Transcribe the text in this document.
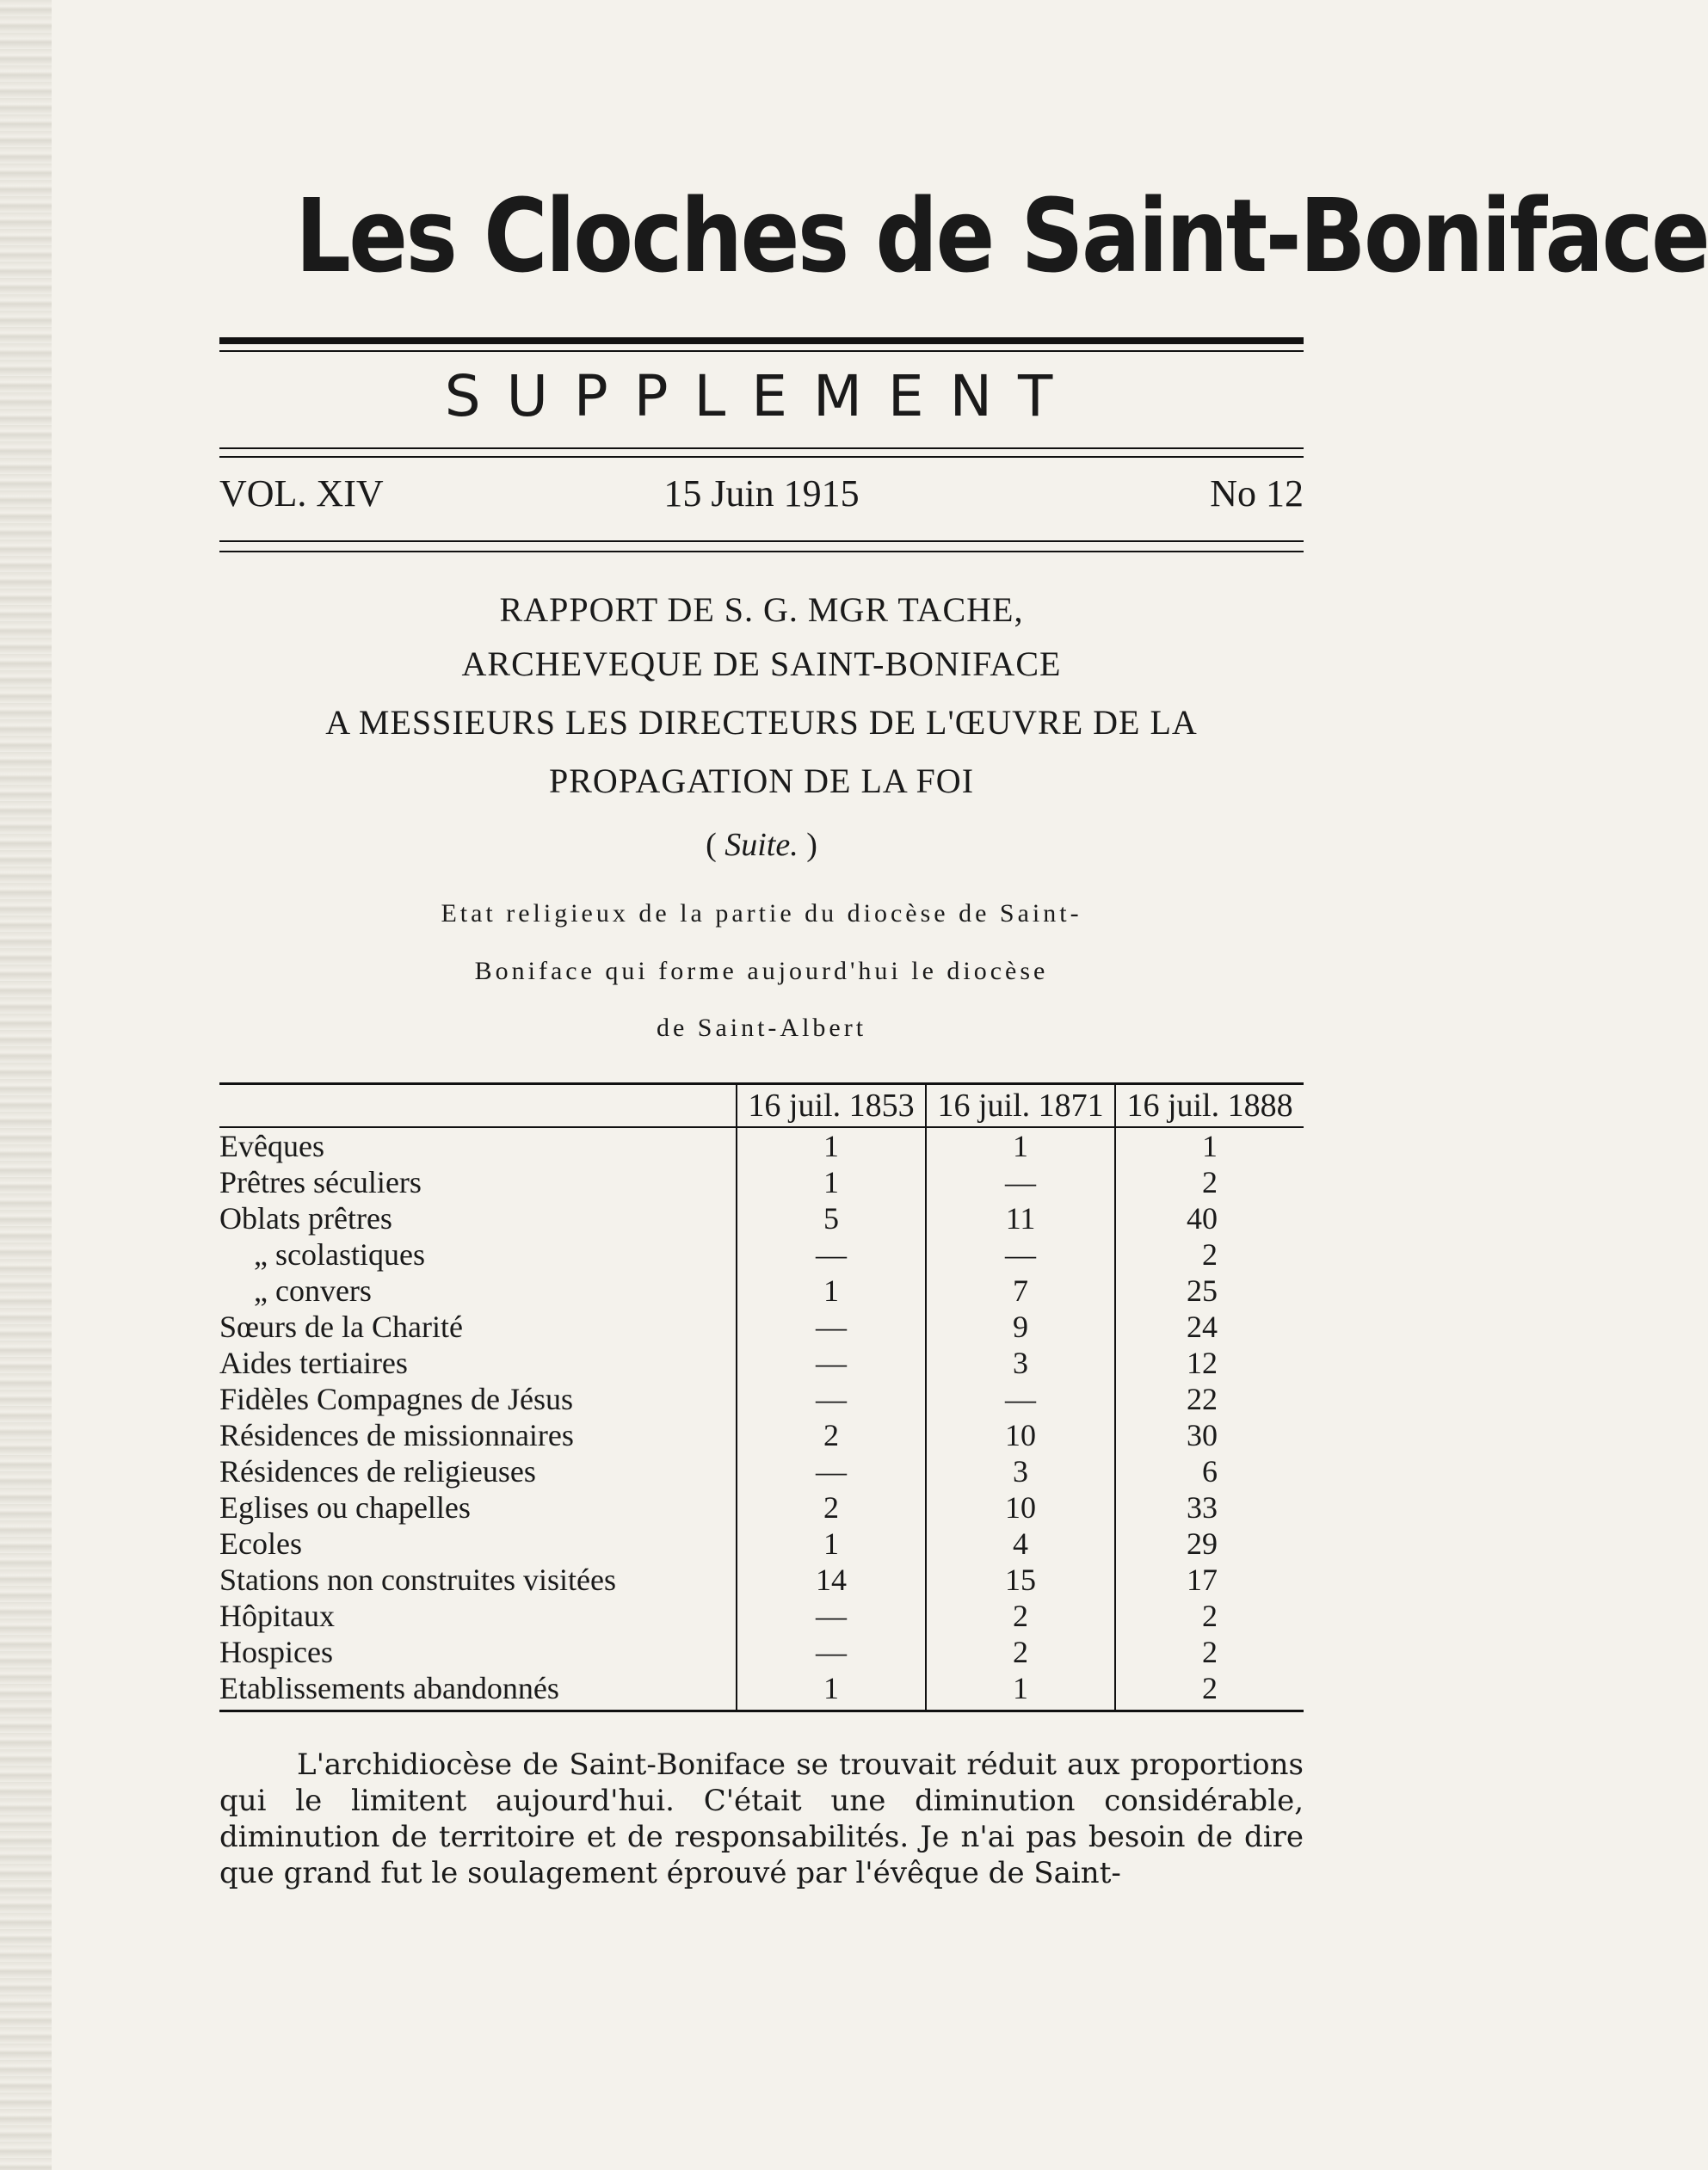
Les Cloches de Saint-Boniface
SUPPLEMENT
VOL. XIV	15 Juin 1915	No 12
RAPPORT DE S. G. MGR TACHE,
ARCHEVEQUE DE SAINT-BONIFACE
A MESSIEURS LES DIRECTEURS DE L'ŒUVRE DE LA
PROPAGATION DE LA FOI
( Suite. )
Etat religieux de la partie du diocèse de Saint-
Boniface qui forme aujourd'hui le diocèse
de Saint-Albert
	16 juil. 1853	16 juil. 1871	16 juil. 1888
Evêques	1	1	1
Prêtres séculiers	1	—	2
Oblats prêtres	5	11	40
„ scolastiques	—	—	2
„ convers	1	7	25
Sœurs de la Charité	—	9	24
Aides tertiaires	—	3	12
Fidèles Compagnes de Jésus	—	—	22
Résidences de missionnaires	2	10	30
Résidences de religieuses	—	3	6
Eglises ou chapelles	2	10	33
Ecoles	1	4	29
Stations non construites visitées	14	15	17
Hôpitaux	—	2	2
Hospices	—	2	2
Etablissements abandonnés	1	1	2

L'archidiocèse de Saint-Boniface se trouvait réduit aux proportions qui le limitent aujourd'hui. C'était une diminution considérable, diminution de territoire et de responsabilités. Je n'ai pas besoin de dire que grand fut le soulagement éprouvé par l'évêque de Saint-
